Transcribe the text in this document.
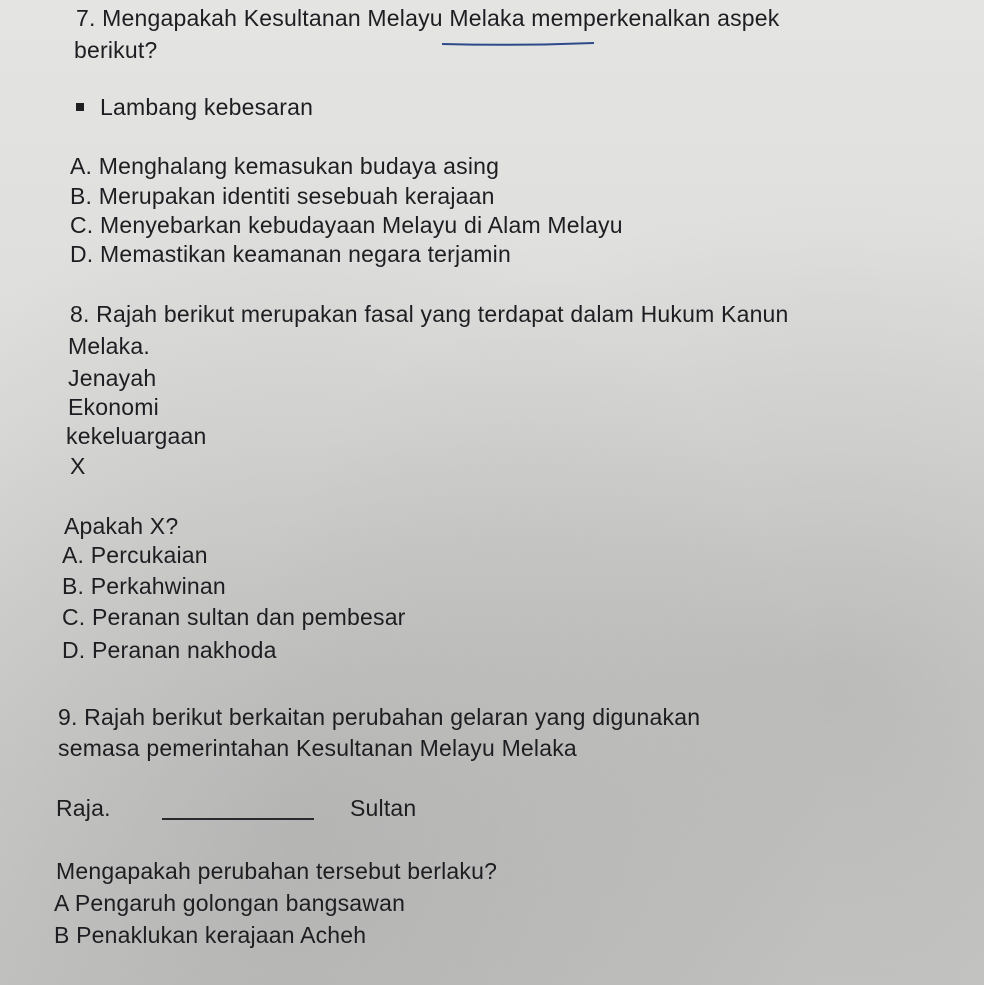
7. Mengapakah Kesultanan Melayu Melaka memperkenalkan aspek
berikut?
Lambang kebesaran
A. Menghalang kemasukan budaya asing
B. Merupakan identiti sesebuah kerajaan
C. Menyebarkan kebudayaan Melayu di Alam Melayu
D. Memastikan keamanan negara terjamin
8. Rajah berikut merupakan fasal yang terdapat dalam Hukum Kanun
Melaka.
Jenayah
Ekonomi
kekeluargaan
X
Apakah X?
A. Percukaian
B. Perkahwinan
C. Peranan sultan dan pembesar
D. Peranan nakhoda
9. Rajah berikut berkaitan perubahan gelaran yang digunakan
semasa pemerintahan Kesultanan Melayu Melaka
Raja.	Sultan
Mengapakah perubahan tersebut berlaku?
A Pengaruh golongan bangsawan
B Penaklukan kerajaan Acheh
